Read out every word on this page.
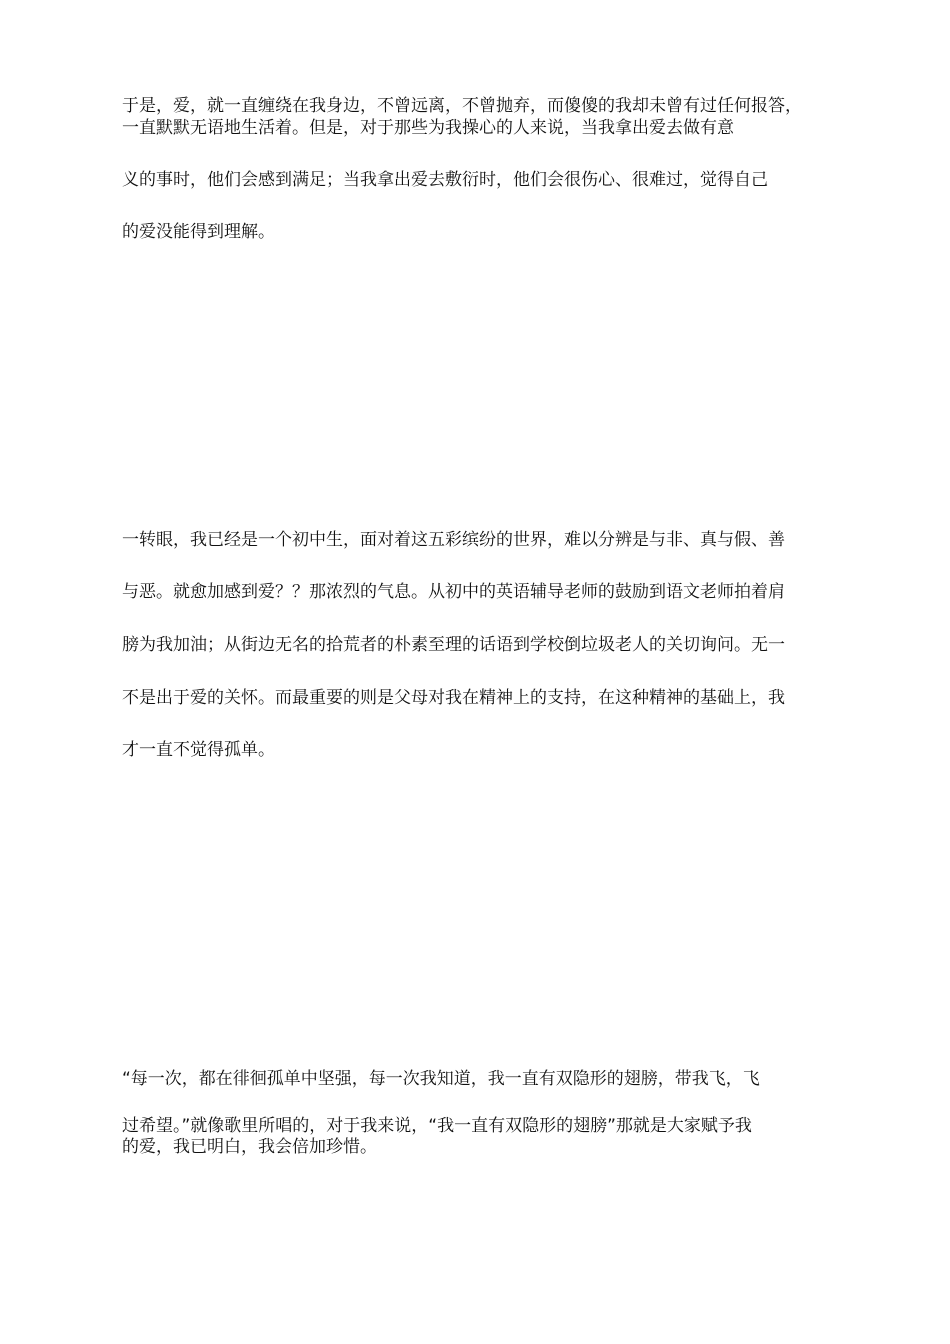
于是，爱，就一直缠绕在我身边，不曾远离，不曾抛弃，而傻傻的我却未曾有过任何报答，
一直默默无语地生活着。但是，对于那些为我操心的人来说，当我拿出爱去做有意
义的事时，他们会感到满足；当我拿出爱去敷衍时，他们会很伤心、很难过，觉得自己
的爱没能得到理解。
一转眼，我已经是一个初中生，面对着这五彩缤纷的世界，难以分辨是与非、真与假、善
与恶。就愈加感到爱？？那浓烈的气息。从初中的英语辅导老师的鼓励到语文老师拍着肩
膀为我加油；从街边无名的拾荒者的朴素至理的话语到学校倒垃圾老人的关切询问。无一
不是出于爱的关怀。而最重要的则是父母对我在精神上的支持，在这种精神的基础上，我
才一直不觉得孤单。
“每一次，都在徘徊孤单中坚强，每一次我知道，我一直有双隐形的翅膀，带我飞，飞
过希望。”就像歌里所唱的，对于我来说，“我一直有双隐形的翅膀”那就是大家赋予我
的爱，我已明白，我会倍加珍惜。
